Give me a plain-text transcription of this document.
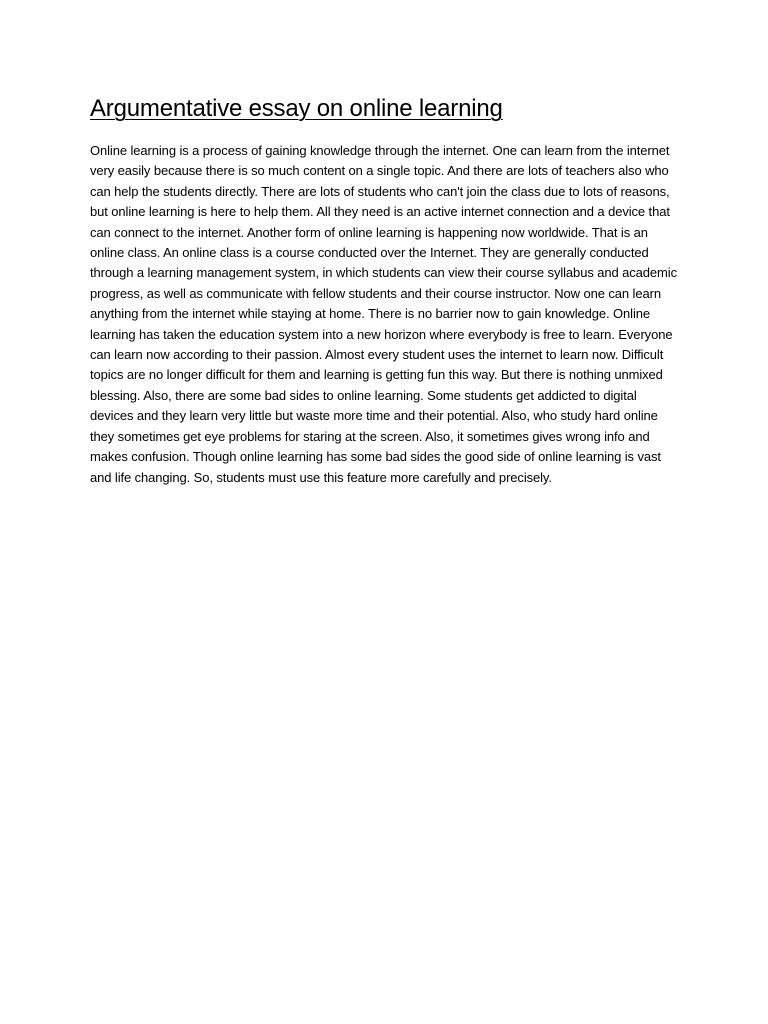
Argumentative essay on online learning

Online learning is a process of gaining knowledge through the internet. One can learn from the internet very easily because there is so much content on a single topic. And there are lots of teachers also who can help the students directly. There are lots of students who can't join the class due to lots of reasons, but online learning is here to help them. All they need is an active internet connection and a device that can connect to the internet. Another form of online learning is happening now worldwide. That is an online class. An online class is a course conducted over the Internet. They are generally conducted through a learning management system, in which students can view their course syllabus and academic progress, as well as communicate with fellow students and their course instructor. Now one can learn anything from the internet while staying at home. There is no barrier now to gain knowledge. Online learning has taken the education system into a new horizon where everybody is free to learn. Everyone can learn now according to their passion. Almost every student uses the internet to learn now. Difficult topics are no longer difficult for them and learning is getting fun this way. But there is nothing unmixed blessing. Also, there are some bad sides to online learning. Some students get addicted to digital devices and they learn very little but waste more time and their potential. Also, who study hard online they sometimes get eye problems for staring at the screen. Also, it sometimes gives wrong info and makes confusion. Though online learning has some bad sides the good side of online learning is vast and life changing. So, students must use this feature more carefully and precisely.
